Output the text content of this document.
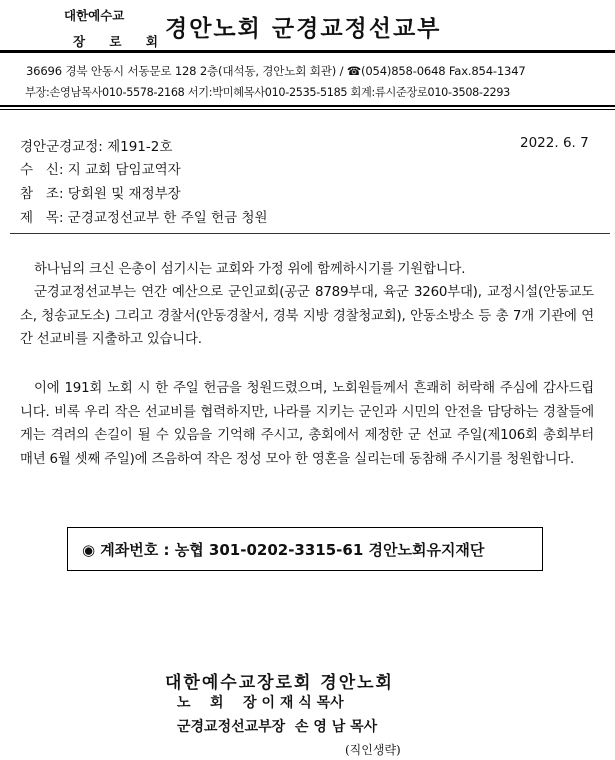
대한예수교
장 로 회
경안노회 군경교정선교부
36696 경북 안동시 서동문로 128 2층(대석동, 경안노회 회관) / ☎(054)858-0648 Fax.854-1347
부장:손영남목사010-5578-2168 서기:박미혜목사010-2535-5185 회계:류시준장로010-3508-2293
경안군경교정: 제191-2호	2022. 6. 7
수   신: 지 교회 담임교역자
참   조: 당회원 및 재정부장
제   목: 군경교정선교부 한 주일 헌금 청원
하나님의 크신 은총이 섬기시는 교회와 가정 위에 함께하시기를 기원합니다.
군경교정선교부는 연간 예산으로 군인교회(공군 8789부대, 육군 3260부대), 교정시설(안동교도소, 청송교도소) 그리고 경찰서(안동경찰서, 경북 지방 경찰청교회), 안동소방소 등 총 7개 기관에 연간 선교비를 지출하고 있습니다.
이에 191회 노회 시 한 주일 헌금을 청원드렸으며, 노회원들께서 흔쾌히 허락해 주심에 감사드립니다. 비록 우리 작은 선교비를 협력하지만, 나라를 지키는 군인과 시민의 안전을 담당하는 경찰들에게는 격려의 손길이 될 수 있음을 기억해 주시고, 총회에서 제정한 군 선교 주일(제106회 총회부터 매년 6월 셋째 주일)에 즈음하여 작은 정성 모아 한 영혼을 실리는데 동참해 주시기를 청원합니다.
◉ 계좌번호 : 농협 301-0202-3315-61 경안노회유지재단
대한예수교장로회 경안노회
노    회    장 이 재 식 목사
군경교정선교부장  손 영 남 목사
(직인생략)
